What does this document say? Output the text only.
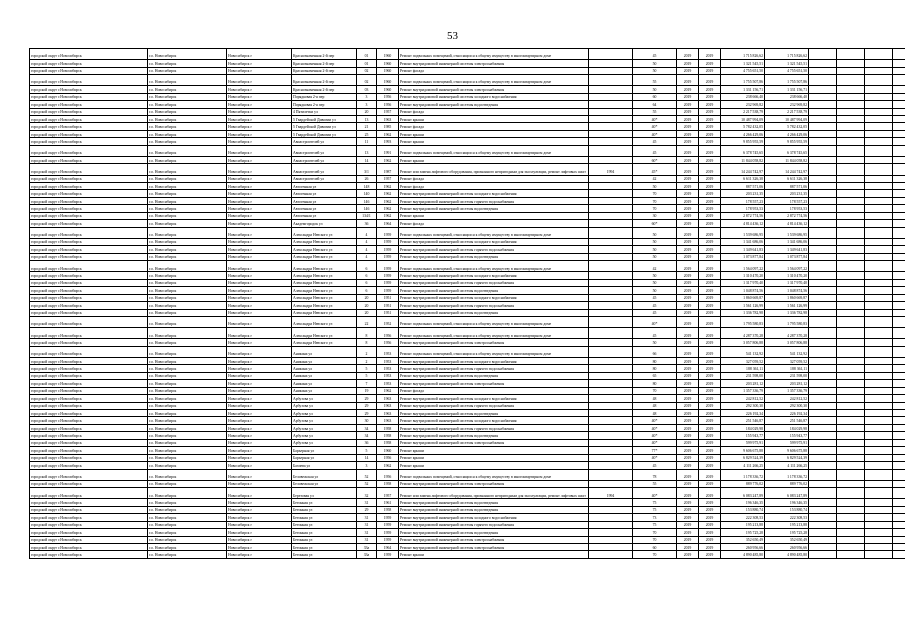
53
городской округ г.Новосибирск	г.о. Новосибирск	Новосибирск г	Краснознаменная 2-й пер	01	1960	Ремонт подвальных помещений, относящихся к общему имуществу в многоквартирном доме		45	2019	2019	1 715 826,62	1 715 826,62				
городской округ г.Новосибирск	г.о. Новосибирск	Новосибирск г	Краснознаменная 2-й пер	01	1960	Ремонт внутридомовой инженерной системы электроснабжения		50	2019	2019	1 321 545,51	1 321 545,51				
городской округ г.Новосибирск	г.о. Новосибирск	Новосибирск г	Краснознаменная 2-й пер	02	1960	Ремонт фасада		50	2019	2019	4 755 651,50	4 755 651,50				
городской округ г.Новосибирск	г.о. Новосибирск	Новосибирск г	Краснознаменная 2-й пер	02	1960	Ремонт подвальных помещений, относящихся к общему имуществу в многоквартирном доме		55	2019	2019	1 755 507,86	1 755 507,86				
городской округ г.Новосибирск	г.о. Новосибирск	Новосибирск г	Краснознаменная 2-й пер	03	1960	Ремонт внутридомовой инженерной системы электроснабжения		50	2019	2019	1 331 156,71	1 331 156,71				
городской округ г.Новосибирск	г.о. Новосибирск	Новосибирск г	Порядковая 2-я пер	3	1956	Ремонт внутридомовой инженерной системы холодного водоснабжения		60	2019	2019	238 666,40	238 666,40				
городской округ г.Новосибирск	г.о. Новосибирск	Новосибирск г	Порядковая 2-я пер	3	1956	Ремонт внутридомовой инженерной системы водоотведения		64	2019	2019	232 969,82	232 969,82				
городской округ г.Новосибирск	г.о. Новосибирск	Новосибирск г	4 Пятилетки ул	20	1957	Ремонт фасада		55	2019	2019	2 217 538,79	2 217 538,79				
городской округ г.Новосибирск	г.о. Новосибирск	Новосибирск г	5 Гвардейской Дивизии ул	13	1963	Ремонт крыши		40*	2019	2019	10 487 994,09	10 487 994,09				
городской округ г.Новосибирск	г.о. Новосибирск	Новосибирск г	5 Гвардейской Дивизии ул	21	1985	Ремонт фасада		40*	2019	2019	5 782 432,05	5 782 432,05				
городской округ г.Новосибирск	г.о. Новосибирск	Новосибирск г	5 Гвардейской Дивизии ул	25	1962	Ремонт крыши		40*	2019	2019	4 266 429,06	4 266 429,06				
городской округ г.Новосибирск	г.о. Новосибирск	Новосибирск г	Авиастроителей ул	11	1993	Ремонт крыши		45	2019	2019	9 855 955,59	9 855 955,59				
городской округ г.Новосибирск	г.о. Новосибирск	Новосибирск г	Авиастроителей ул	13	1991	Ремонт подвальных помещений, относящихся к общему имуществу в многоквартирном доме		45	2019	2019	6 378 745,65	6 378 745,65				
городской округ г.Новосибирск	г.о. Новосибирск	Новосибирск г	Авиастроителей ул	14	1962	Ремонт крыши		60*	2019	2019	11 844 058,82	11 844 058,82				
городской округ г.Новосибирск	г.о. Новосибирск	Новосибирск г	Авиастроителей ул	3/1	1987	Ремонт или замена лифтового оборудования, признанного непригодным для эксплуатации, ремонт лифтовых шахт	1994	45*	2019	2019	14 244 742,97	14 244 742,97				
городской округ г.Новосибирск	г.о. Новосибирск	Новосибирск г	Авиастроителей ул	26	1957	Ремонт фасада		42	2019	2019	6 611 326,38	6 611 326,38				
городской округ г.Новосибирск	г.о. Новосибирск	Новосибирск г	Автогенная ул	148	1962	Ремонт фасада		50	2019	2019	887 571,06	887 571,06				
городской округ г.Новосибирск	г.о. Новосибирск	Новосибирск г	Автогенная ул	140	1962	Ремонт внутридомовой инженерной системы холодного водоснабжения		70	2019	2019	203 231,35	203 231,35				
городской округ г.Новосибирск	г.о. Новосибирск	Новосибирск г	Автогенная ул	146	1962	Ремонт внутридомовой инженерной системы горячего водоснабжения		70	2019	2019	178 557,23	178 557,23				
городской округ г.Новосибирск	г.о. Новосибирск	Новосибирск г	Автогенная ул	146	1962	Ремонт внутридомовой инженерной системы водоотведения		70	2019	2019	178 953,53	178 953,53				
городской округ г.Новосибирск	г.о. Новосибирск	Новосибирск г	Автогенная ул	134/1	1962	Ремонт крыши		30	2019	2019	2 872 774,56	2 872 774,56				
городской округ г.Новосибирск	г.о. Новосибирск	Новосибирск г	Академгородок ул	36	1964	Ремонт фасада		60*	2019	2019	4 814 436,12	4 814 436,12				
городской округ г.Новосибирск	г.о. Новосибирск	Новосибирск г	Александра Невского ул	4	1959	Ремонт подвальных помещений, относящихся к общему имуществу в многоквартирном доме		50	2019	2019	1 539 686,95	1 539 686,95				
городской округ г.Новосибирск	г.о. Новосибирск	Новосибирск г	Александра Невского ул	4	1959	Ремонт внутридомовой инженерной системы холодного водоснабжения		50	2019	2019	1 341 686,06	1 341 686,06				
городской округ г.Новосибирск	г.о. Новосибирск	Новосибирск г	Александра Невского ул	4	1959	Ремонт внутридомовой инженерной системы горячего водоснабжения		50	2019	2019	1 349 641,83	1 349 641,83				
городской округ г.Новосибирск	г.о. Новосибирск	Новосибирск г	Александра Невского ул	4	1959	Ремонт внутридомовой инженерной системы водоотведения		50	2019	2019	1 073 877,84	1 073 877,84				
городской округ г.Новосибирск	г.о. Новосибирск	Новосибирск г	Александра Невского ул	6	1959	Ремонт подвальных помещений, относящихся к общему имуществу в многоквартирном доме		42	2019	2019	1 564 097,22	1 564 097,22				
городской округ г.Новосибирск	г.о. Новосибирск	Новосибирск г	Александра Невского ул	6	1959	Ремонт внутридомовой инженерной системы холодного водоснабжения		50	2019	2019	1 310 470,20	1 310 470,20				
городской округ г.Новосибирск	г.о. Новосибирск	Новосибирск г	Александра Невского ул	6	1959	Ремонт внутридомовой инженерной системы горячего водоснабжения		50	2019	2019	1 317 970,40	1 317 970,40				
городской округ г.Новосибирск	г.о. Новосибирск	Новосибирск г	Александра Невского ул	6	1959	Ремонт внутридомовой инженерной системы водоотведения		50	2019	2019	1 048 874,56	1 048 874,56				
городской округ г.Новосибирск	г.о. Новосибирск	Новосибирск г	Александра Невского ул	20	1951	Ремонт внутридомовой инженерной системы холодного водоснабжения		45	2019	2019	1 860 669,87	1 860 669,87				
городской округ г.Новосибирск	г.о. Новосибирск	Новосибирск г	Александра Невского ул	20	1951	Ремонт внутридомовой инженерной системы горячего водоснабжения		45	2019	2019	1 561 126,99	1 561 126,99				
городской округ г.Новосибирск	г.о. Новосибирск	Новосибирск г	Александра Невского ул	20	1951	Ремонт внутридомовой инженерной системы водоотведения		45	2019	2019	1 336 782,98	1 336 782,98				
городской округ г.Новосибирск	г.о. Новосибирск	Новосибирск г	Александра Невского ул	22	1952	Ремонт подвальных помещений, относящихся к общему имуществу в многоквартирном доме		40*	2019	2019	1 795 580,83	1 795 580,83				
городской округ г.Новосибирск	г.о. Новосибирск	Новосибирск г	Александра Невского ул	8	1956	Ремонт подвальных помещений, относящихся к общему имуществу в многоквартирном доме		45	2019	2019	4 287 370,28	4 287 370,28				
городской округ г.Новосибирск	г.о. Новосибирск	Новосибирск г	Александра Невского ул	8	1956	Ремонт внутридомовой инженерной системы электроснабжения		50	2019	2019	3 057 806,88	3 057 806,88				
городской округ г.Новосибирск	г.о. Новосибирск	Новосибирск г	Аникина ул	2	1953	Ремонт подвальных помещений, относящихся к общему имуществу в многоквартирном доме		66	2019	2019	541 132,92	541 132,92				
городской округ г.Новосибирск	г.о. Новосибирск	Новосибирск г	Аникина ул	2	1953	Ремонт внутридомовой инженерной системы холодного водоснабжения		80	2019	2019	327 059,52	327 059,52				
городской округ г.Новосибирск	г.о. Новосибирск	Новосибирск г	Аникина ул	5	1953	Ремонт внутридомовой инженерной системы горячего водоснабжения		80	2019	2019	188 361,11	188 361,11				
городской округ г.Новосибирск	г.о. Новосибирск	Новосибирск г	Аникина ул	5	1953	Ремонт внутридомовой инженерной системы водоотведения		65	2019	2019	231 598,00	231 598,00				
городской округ г.Новосибирск	г.о. Новосибирск	Новосибирск г	Аникина ул	7	1953	Ремонт внутридомовой инженерной системы электроснабжения		80	2019	2019	203 281,12	203 281,12				
городской округ г.Новосибирск	г.о. Новосибирск	Новосибирск г	Аникина ул	19	1962	Ремонт фасада		70	2019	2019	1 357 336,79	1 357 336,79				
городской округ г.Новосибирск	г.о. Новосибирск	Новосибирск г	Арбузова ул	29	1963	Ремонт внутридомовой инженерной системы холодного водоснабжения		48	2019	2019	242 812,52	242 812,52				
городской округ г.Новосибирск	г.о. Новосибирск	Новосибирск г	Арбузова ул	29	1963	Ремонт внутридомовой инженерной системы горячего водоснабжения		48	2019	2019	292 300,30	292 300,30				
городской округ г.Новосибирск	г.о. Новосибирск	Новосибирск г	Арбузова ул	29	1963	Ремонт внутридомовой инженерной системы водоотведения		48	2019	2019	226 192,34	226 192,34				
городской округ г.Новосибирск	г.о. Новосибирск	Новосибирск г	Арбузова ул	30	1963	Ремонт внутридомовой инженерной системы холодного водоснабжения		40*	2019	2019	251 546,87	251 546,87				
городской округ г.Новосибирск	г.о. Новосибирск	Новосибирск г	Арбузова ул	34	1958	Ремонт внутридомовой инженерной системы горячего водоснабжения		40*	2019	2019	184 029,98	184 029,98				
городской округ г.Новосибирск	г.о. Новосибирск	Новосибирск г	Арбузова ул	34	1958	Ремонт внутридомовой инженерной системы водоотведения		40*	2019	2019	155 943,77	155 943,77				
городской округ г.Новосибирск	г.о. Новосибирск	Новосибирск г	Арбузова ул	36	1958	Ремонт внутридомовой инженерной системы электроснабжения		40*	2019	2019	599 975,91	599 975,91				
городской округ г.Новосибирск	г.о. Новосибирск	Новосибирск г	Барьерная ул	5	1960	Ремонт крыши		77*	2019	2019	9 606 675,88	9 606 675,88				
городской округ г.Новосибирск	г.о. Новосибирск	Новосибирск г	Барьерная ул	14	1956	Ремонт крыши		40*	2019	2019	6 829 524,39	6 829 524,39				
городской округ г.Новосибирск	г.о. Новосибирск	Новосибирск г	Бахчева ул	3	1962	Ремонт крыши		45	2019	2019	4 111 266,25	4 111 266,25				
городской округ г.Новосибирск	г.о. Новосибирск	Новосибирск г	Беловежская ул	52	1956	Ремонт подвальных помещений, относящихся к общему имуществу в многоквартирном доме		78	2019	2019	1 178 336,72	1 178 336,72				
городской округ г.Новосибирск	г.о. Новосибирск	Новосибирск г	Беловежская ул	52	1958	Ремонт внутридомовой инженерной системы электроснабжения		55	2019	2019	889 776,02	889 776,02				
городской округ г.Новосибирск	г.о. Новосибирск	Новосибирск г	Березовая ул	32	1957	Ремонт или замена лифтового оборудования, признанного непригодным для эксплуатации, ремонт лифтовых шахт	1994	40*	2019	2019	6 083 247,89	6 083 247,89				
городской округ г.Новосибирск	г.о. Новосибирск	Новосибирск г	Бетонная ул	31	1961	Ремонт внутридомовой инженерной системы водоотведения		75	2019	2019	196 346,35	196 346,35				
городской округ г.Новосибирск	г.о. Новосибирск	Новосибирск г	Бетонная ул	29	1958	Ремонт внутридомовой инженерной системы водоотведения		75	2019	2019	153 880,74	153 880,74				
городской округ г.Новосибирск	г.о. Новосибирск	Новосибирск г	Бетонная ул	31	1959	Ремонт внутридомовой инженерной системы холодного водоснабжения		73	2019	2019	222 308,53	222 308,53				
городской округ г.Новосибирск	г.о. Новосибирск	Новосибирск г	Бетонная ул	31	1959	Ремонт внутридомовой инженерной системы горячего водоснабжения		75	2019	2019	195 213,88	195 213,88				
городской округ г.Новосибирск	г.о. Новосибирск	Новосибирск г	Бетонная ул	31	1959	Ремонт внутридомовой инженерной системы водоотведения		70	2019	2019	195 725,28	195 725,28				
городской округ г.Новосибирск	г.о. Новосибирск	Новосибирск г	Бетонная ул	31	1959	Ремонт внутридомовой инженерной системы электроснабжения		70	2019	2019	352 650,49	352 650,49				
городской округ г.Новосибирск	г.о. Новосибирск	Новосибирск г	Бетонная ул	33а	1964	Ремонт внутридомовой инженерной системы электроснабжения		60	2019	2019	260 956,66	260 956,66				
городской округ г.Новосибирск	г.о. Новосибирск	Новосибирск г	Бетонная ул	33а	1959	Ремонт крыши		70	2019	2019	4 890 485,80	4 890 485,80				
